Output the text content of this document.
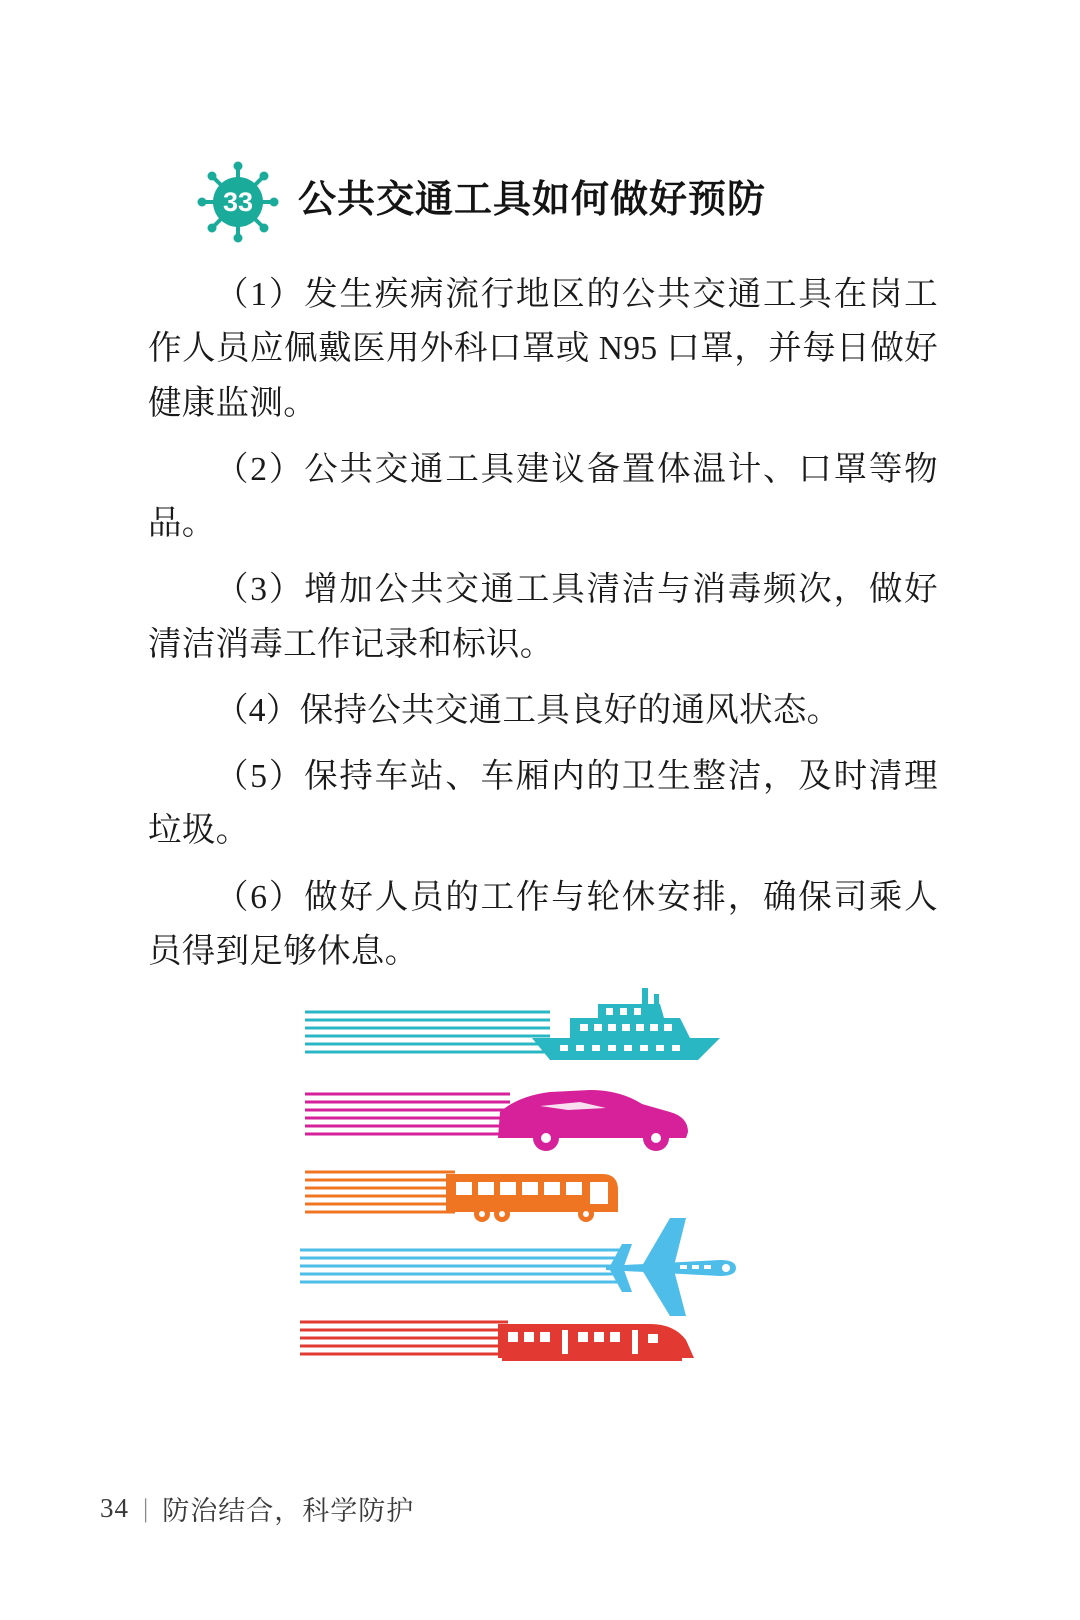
33 公共交通工具如何做好预防

（1）发生疾病流行地区的公共交通工具在岗工作人员应佩戴医用外科口罩或 N95 口罩，并每日做好健康监测。

（2）公共交通工具建议备置体温计、口罩等物品。

（3）增加公共交通工具清洁与消毒频次，做好清洁消毒工作记录和标识。

（4）保持公共交通工具良好的通风状态。

（5）保持车站、车厢内的卫生整洁，及时清理垃圾。

（6）做好人员的工作与轮休安排，确保司乘人员得到足够休息。

34 | 防治结合，科学防护
